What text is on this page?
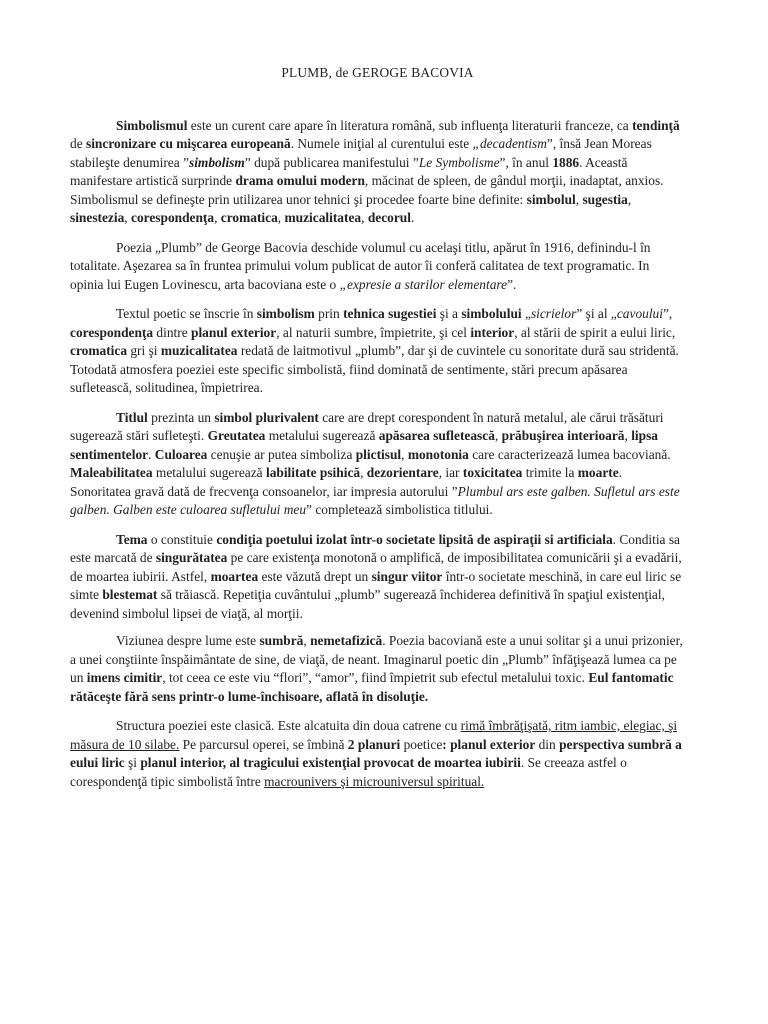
PLUMB, de GEROGE BACOVIA

Simbolismul este un curent care apare în literatura română, sub influenţa literaturii franceze, ca tendinţă de sincronizare cu mişcarea europeană. Numele iniţial al curentului este „decadentism”, însă Jean Moreas stabileşte denumirea ”simbolism” după publicarea manifestului ”Le Symbolisme”, în anul 1886. Această manifestare artistică surprinde drama omului modern, măcinat de spleen, de gândul morţii, inadaptat, anxios. Simbolismul se defineşte prin utilizarea unor tehnici şi procedee foarte bine definite: simbolul, sugestia, sinestezia, corespondenţa, cromatica, muzicalitatea, decorul.

Poezia „Plumb” de George Bacovia deschide volumul cu acelaşi titlu, apărut în 1916, definindu-l în totalitate. Aşezarea sa în fruntea primului volum publicat de autor îi conferă calitatea de text programatic. In opinia lui Eugen Lovinescu, arta bacoviana este o „expresie a starilor elementare”.

Textul poetic se înscrie în simbolism prin tehnica sugestiei şi a simbolului „sicrielor” şi al „cavoului”, corespondenţa dintre planul exterior, al naturii sumbre, împietrite, şi cel interior, al stării de spirit a eului liric, cromatica gri şi muzicalitatea redată de laitmotivul „plumb”, dar şi de cuvintele cu sonoritate dură sau stridentă. Totodată atmosfera poeziei este specific simbolistă, fiind dominată de sentimente, stări precum apăsarea sufletească, solitudinea, împietrirea.

Titlul prezinta un simbol plurivalent care are drept corespondent în natură metalul, ale cărui trăsături sugerează stări sufleteşti. Greutatea metalului sugerează apăsarea sufletească, prăbuşirea interioară, lipsa sentimentelor. Culoarea cenuşie ar putea simboliza plictisul, monotonia care caracterizează lumea bacoviană. Maleabilitatea metalului sugerează labilitate psihică, dezorientare, iar toxicitatea trimite la moarte. Sonoritatea gravă dată de frecvenţa consoanelor, iar impresia autorului ”Plumbul ars este galben. Sufletul ars este galben. Galben este culoarea sufletului meu” completează simbolistica titlului.

Tema o constituie condiţia poetului izolat într-o societate lipsită de aspiraţii si artificiala. Conditia sa este marcată de singurătatea pe care existenţa monotonă o amplifică, de imposibilitatea comunicării şi a evadării, de moartea iubirii. Astfel, moartea este văzută drept un singur viitor într-o societate meschină, in care eul liric se simte blestemat să trăiască. Repetiţia cuvântului „plumb” sugerează închiderea definitivă în spaţiul existenţial, devenind simbolul lipsei de viaţă, al morţii.

Viziunea despre lume este sumbră, nemetafizică. Poezia bacoviană este a unui solitar şi a unui prizonier, a unei conştiinte înspăimântate de sine, de viaţă, de neant. Imaginarul poetic din „Plumb” înfăţişează lumea ca pe un imens cimitir, tot ceea ce este viu “flori”, “amor”, fiind împietrit sub efectul metalului toxic. Eul fantomatic rătăceşte fără sens printr-o lume-închisoare, aflată în disoluţie.

Structura poeziei este clasică. Este alcatuita din doua catrene cu rimă îmbrăţişată, ritm iambic, elegiac, şi măsura de 10 silabe. Pe parcursul operei, se îmbină 2 planuri poetice: planul exterior din perspectiva sumbră a eului liric şi planul interior, al tragicului existenţial provocat de moartea iubirii. Se creeaza astfel o corespondenţă tipic simbolistă între macrounivers şi microuniversul spiritual.
